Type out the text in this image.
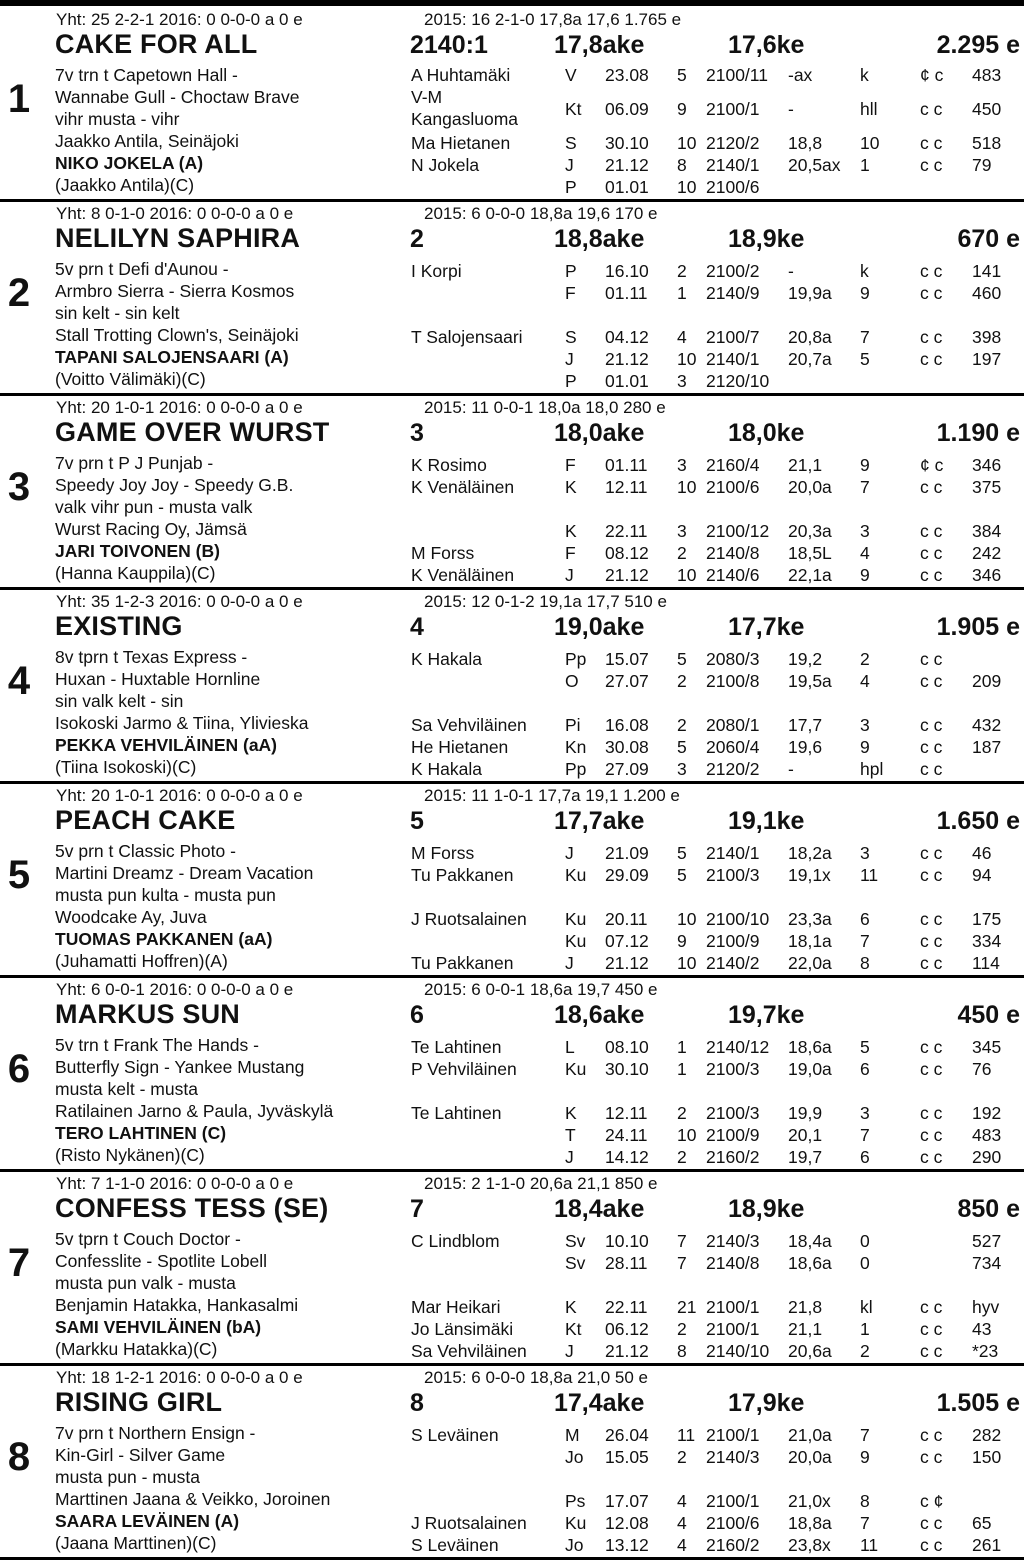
1
Yht: 25 2-2-1 2016: 0 0-0-0 a 0 e	2015: 16 2-1-0 17,8a 17,6 1.765 e
CAKE FOR ALL	2140:1	17,8ake	17,6ke	2.295 e
7v trn t Capetown Hall -
Wannabe Gull - Choctaw Brave
vihr musta - vihr
Jaakko Antila, Seinäjoki
NIKO JOKELA (A)
(Jaakko Antila)(C)
A Huhtamäki	V 23.08 5 2100/11 -ax	k	¢ c 483
Kt 06.09 9 2100/1 -	hll c c 450
V-M
Kangasluoma
Ma Hietanen	S 30.10 10 2120/2 18,8 10 c c 518
N Jokela	J 21.12 8 2140/1 20,5ax 1	c c 79
P 01.01 10 2100/6
2
Yht: 8 0-1-0 2016: 0 0-0-0 a 0 e	2015: 6 0-0-0 18,8a 19,6 170 e
NELILYN SAPHIRA	2	18,8ake	18,9ke	670 e
5v prn t Defi d'Aunou -
Armbro Sierra - Sierra Kosmos
sin kelt - sin kelt
Stall Trotting Clown's, Seinäjoki
TAPANI SALOJENSAARI (A)
(Voitto Välimäki)(C)
I Korpi	P 16.10 2 2100/2 -	k	c c 141
F 01.11 1 2140/9 19,9a 9	c c 460
T Salojensaari S 04.12 4 2100/7 20,8a 7	c c 398
J 21.12 10 2140/1 20,7a 5	c c 197
P 01.01 3 2120/10
3
Yht: 20 1-0-1 2016: 0 0-0-0 a 0 e	2015: 11 0-0-1 18,0a 18,0 280 e
GAME OVER WURST	3	18,0ake	18,0ke	1.190 e
7v prn t P J Punjab -
Speedy Joy Joy - Speedy G.B.
valk vihr pun - musta valk
Wurst Racing Oy, Jämsä
JARI TOIVONEN (B)
(Hanna Kauppila)(C)
K Rosimo	F 01.11 3 2160/4 21,1 9	¢ c 346
K Venäläinen	K 12.11 10 2100/6 20,0a 7	c c 375
K 22.11 3 2100/12 20,3a 3	c c 384
M Forss	F 08.12 2 2140/8 18,5L 4	c c 242
K Venäläinen	J 21.12 10 2140/6 22,1a 9	c c 346
4
Yht: 35 1-2-3 2016: 0 0-0-0 a 0 e	2015: 12 0-1-2 19,1a 17,7 510 e
EXISTING	4	19,0ake	17,7ke	1.905 e
8v tprn t Texas Express -
Huxan - Huxtable Hornline
sin valk kelt - sin
Isokoski Jarmo & Tiina, Ylivieska
PEKKA VEHVILÄINEN (aA)
(Tiina Isokoski)(C)
K Hakala	Pp 15.07 5 2080/3 19,2 2	c c
O 27.07 2 2100/8 19,5a 4	c c 209
Sa Vehviläinen Pi 16.08 2 2080/1 17,7 3	c c 432
He Hietanen	Kn 30.08 5 2060/4 19,6 9	c c 187
K Hakala	Pp 27.09 3 2120/2 -	hpl c c
5
Yht: 20 1-0-1 2016: 0 0-0-0 a 0 e	2015: 11 1-0-1 17,7a 19,1 1.200 e
PEACH CAKE	5	17,7ake	19,1ke	1.650 e
5v prn t Classic Photo -
Martini Dreamz - Dream Vacation
musta pun kulta - musta pun
Woodcake Ay, Juva
TUOMAS PAKKANEN (aA)
(Juhamatti Hoffren)(A)
M Forss	J 21.09 5 2140/1 18,2a 3	c c 46
Tu Pakkanen	Ku 29.09 5 2100/3 19,1x 11 c c 94
J Ruotsalainen Ku 20.11 10 2100/10 23,3a 6	c c 175
Ku 07.12 9 2100/9 18,1a 7	c c 334
Tu Pakkanen	J 21.12 10 2140/2 22,0a 8	c c 114
6
Yht: 6 0-0-1 2016: 0 0-0-0 a 0 e	2015: 6 0-0-1 18,6a 19,7 450 e
MARKUS SUN	6	18,6ake	19,7ke	450 e
5v trn t Frank The Hands -
Butterfly Sign - Yankee Mustang
musta kelt - musta
Ratilainen Jarno & Paula, Jyväskylä
TERO LAHTINEN (C)
(Risto Nykänen)(C)
Te Lahtinen	L 08.10 1 2140/12 18,6a 5	c c 345
P Vehviläinen	Ku 30.10 1 2100/3 19,0a 6	c c 76
Te Lahtinen	K 12.11 2 2100/3 19,9 3	c c 192
T 24.11 10 2100/9 20,1 7	c c 483
J 14.12 2 2160/2 19,7 6	c c 290
7
Yht: 7 1-1-0 2016: 0 0-0-0 a 0 e	2015: 2 1-1-0 20,6a 21,1 850 e
CONFESS TESS (SE)	7	18,4ake	18,9ke	850 e
5v tprn t Couch Doctor -
Confesslite - Spotlite Lobell
musta pun valk - musta
Benjamin Hatakka, Hankasalmi
SAMI VEHVILÄINEN (bA)
(Markku Hatakka)(C)
C Lindblom	Sv 10.10 7 2140/3 18,4a 0	527
Sv 28.11 7 2140/8 18,6a 0	734
Mar Heikari	K 22.11 21 2100/1 21,8 kl	c c hyv
Jo Länsimäki	Kt 06.12 2 2100/1 21,1 1	c c 43
Sa Vehviläinen J 21.12 8 2140/10 20,6a 2	c c *23
8
Yht: 18 1-2-1 2016: 0 0-0-0 a 0 e	2015: 6 0-0-0 18,8a 21,0 50 e
RISING GIRL	8	17,4ake	17,9ke	1.505 e
7v prn t Northern Ensign -
Kin-Girl - Silver Game
musta pun - musta
Marttinen Jaana & Veikko, Joroinen
SAARA LEVÄINEN (A)
(Jaana Marttinen)(C)
S Leväinen	M 26.04 11 2100/1 21,0a 7	c c 282
Jo 15.05 2 2140/3 20,0a 9	c c 150
Ps 17.07 4 2100/1 21,0x 8	c ¢
J Ruotsalainen Ku 12.08 4 2100/6 18,8a 7	c c 65
S Leväinen	Jo 13.12 4 2160/2 23,8x 11 c c 261
